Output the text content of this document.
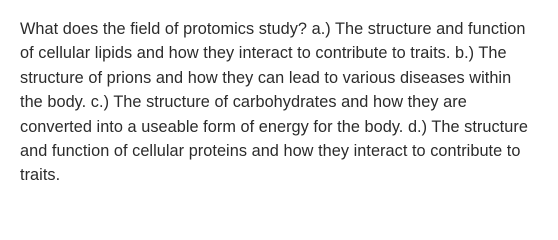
What does the field of protomics study? a.) The structure and function of cellular lipids and how they interact to contribute to traits. b.) The structure of prions and how they can lead to various diseases within the body. c.) The structure of carbohydrates and how they are converted into a useable form of energy for the body. d.) The structure and function of cellular proteins and how they interact to contribute to traits.
